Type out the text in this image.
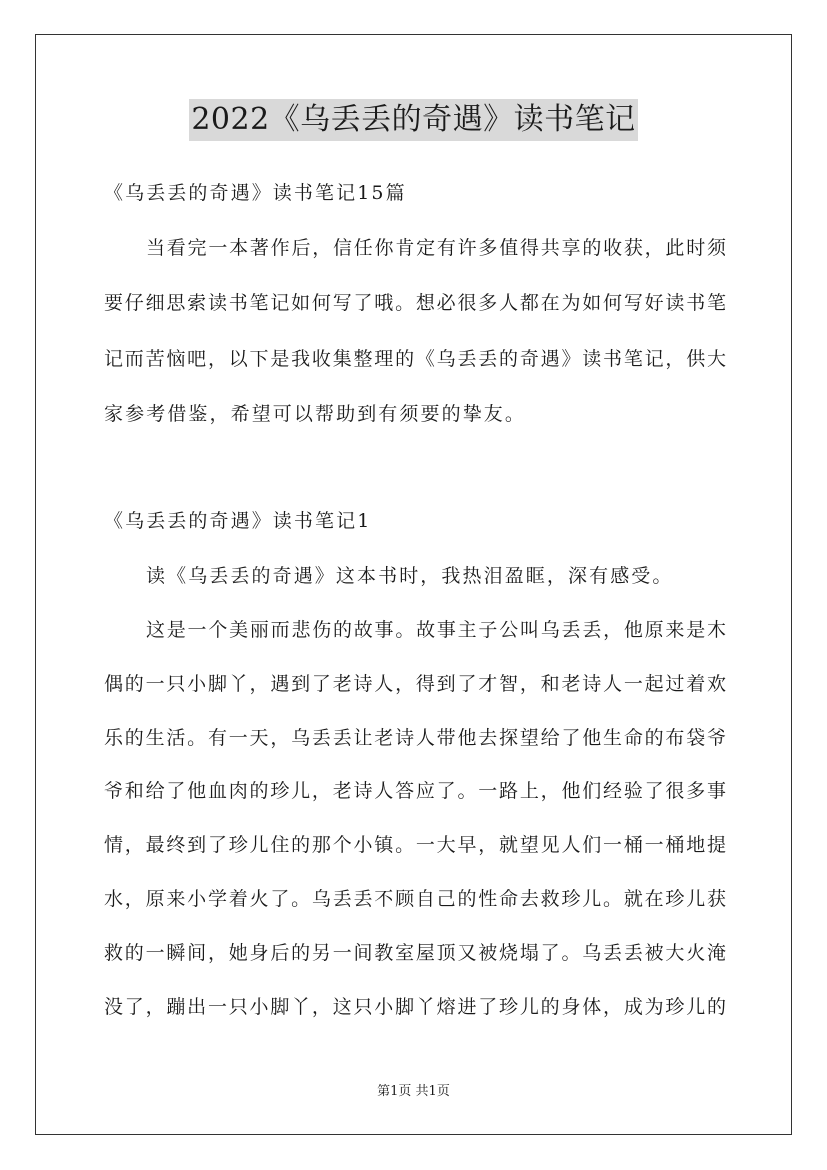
2022《乌丢丢的奇遇》读书笔记
《乌丢丢的奇遇》读书笔记15篇
当看完一本著作后，信任你肯定有许多值得共享的收获，此时须
要仔细思索读书笔记如何写了哦。想必很多人都在为如何写好读书笔
记而苦恼吧，以下是我收集整理的《乌丢丢的奇遇》读书笔记，供大
家参考借鉴，希望可以帮助到有须要的挚友。
《乌丢丢的奇遇》读书笔记1
读《乌丢丢的奇遇》这本书时，我热泪盈眶，深有感受。
这是一个美丽而悲伤的故事。故事主子公叫乌丢丢，他原来是木
偶的一只小脚丫，遇到了老诗人，得到了才智，和老诗人一起过着欢
乐的生活。有一天，乌丢丢让老诗人带他去探望给了他生命的布袋爷
爷和给了他血肉的珍儿，老诗人答应了。一路上，他们经验了很多事
情，最终到了珍儿住的那个小镇。一大早，就望见人们一桶一桶地提
水，原来小学着火了。乌丢丢不顾自己的性命去救珍儿。就在珍儿获
救的一瞬间，她身后的另一间教室屋顶又被烧塌了。乌丢丢被大火淹
没了，蹦出一只小脚丫，这只小脚丫熔进了珍儿的身体，成为珍儿的
第1页 共1页
